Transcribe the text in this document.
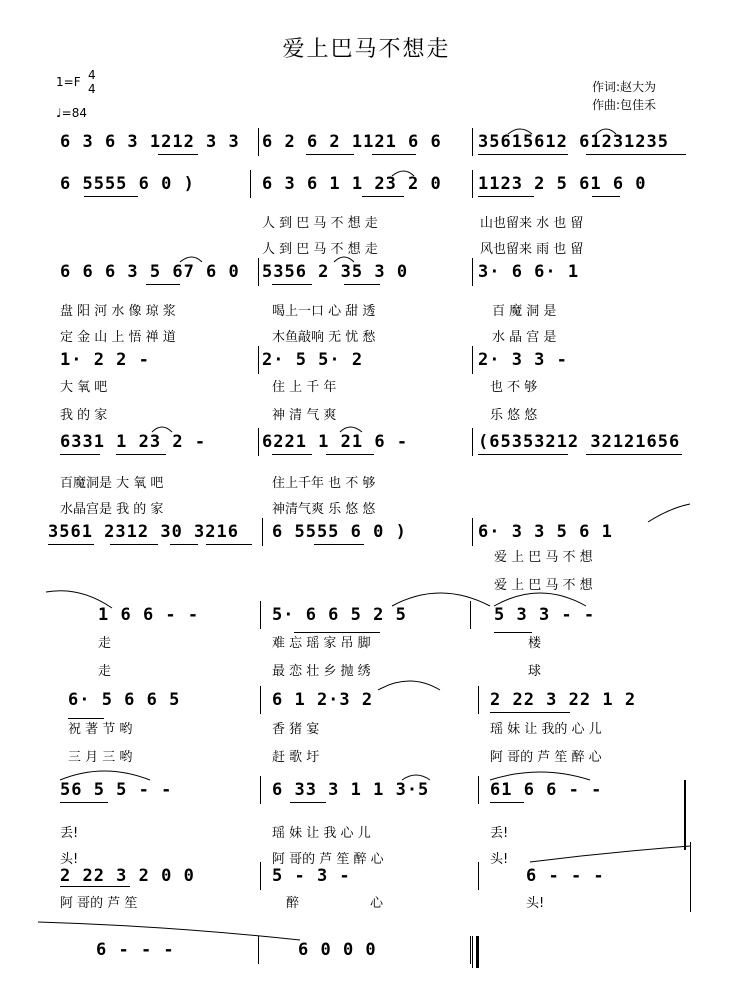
爱上巴马不想走
1=F 4
4
♩=84
作词:赵大为
作曲:包佳禾
6 3 6 3 1212 3 3 6 2 6 2 1121 6 6 35615612 61231235
6 5555 6 0 )	6 3 6 1 1 23 2 0 1123 2 5 61 6 0
6 6 6 3 5 67 6 0 5356 2 35 3 0	3· 6 6· 1
1· 2 2 -	2· 5 5· 2	2· 3 3 -
6331 1 23 2 -	6221 1 21 6 -	(65353212 32121656
3561 2312 30 3216 6 5555 6 0 )	6· 3 3 5 6 1
1 6 6 - -	5· 6 6 5 2 5	5 3 3 - -
6· 5 6 6 5	6 1 2·3 2	2 22 3 22 1 2
56 5 5 - -	6 33 3 1 1 3·5	61 6 6 - -
2 22 3 2 0 0	5 - 3 -	6 - - -
6 - - -	6 0 0 0
人 到 巴 马 不 想 走	山也留来 水 也 留
人 到 巴 马 不 想 走	风也留来 雨 也 留
盘 阳 河 水 像 琼 浆	喝上一口 心 甜 透	百 魔 洞 是
定 金 山 上 悟 禅 道	木鱼敲响 无 忧 愁	水 晶 宫 是
大 氧 吧	住 上 千 年	也 不 够
我 的 家	神 清 气 爽	乐 悠 悠
百魔洞是 大 氧 吧	住上千年 也 不 够
水晶宫是 我 的 家	神清气爽 乐 悠 悠
爱 上 巴 马 不 想
爱 上 巴 马 不 想
走	难 忘 瑶 家 吊 脚	楼
走	最 恋 壮 乡 抛 绣	球
祝 著 节 哟	香 猪 宴	瑶 妹 让 我的 心 儿
三 月 三 哟	赶 歌 圩	阿 哥的 芦 笙 醉 心
丢!	瑶 妹 让 我 心 儿	丢!
头!	阿 哥的 芦 笙 醉 心	头!
阿 哥的 芦 笙	醉	心	头!
